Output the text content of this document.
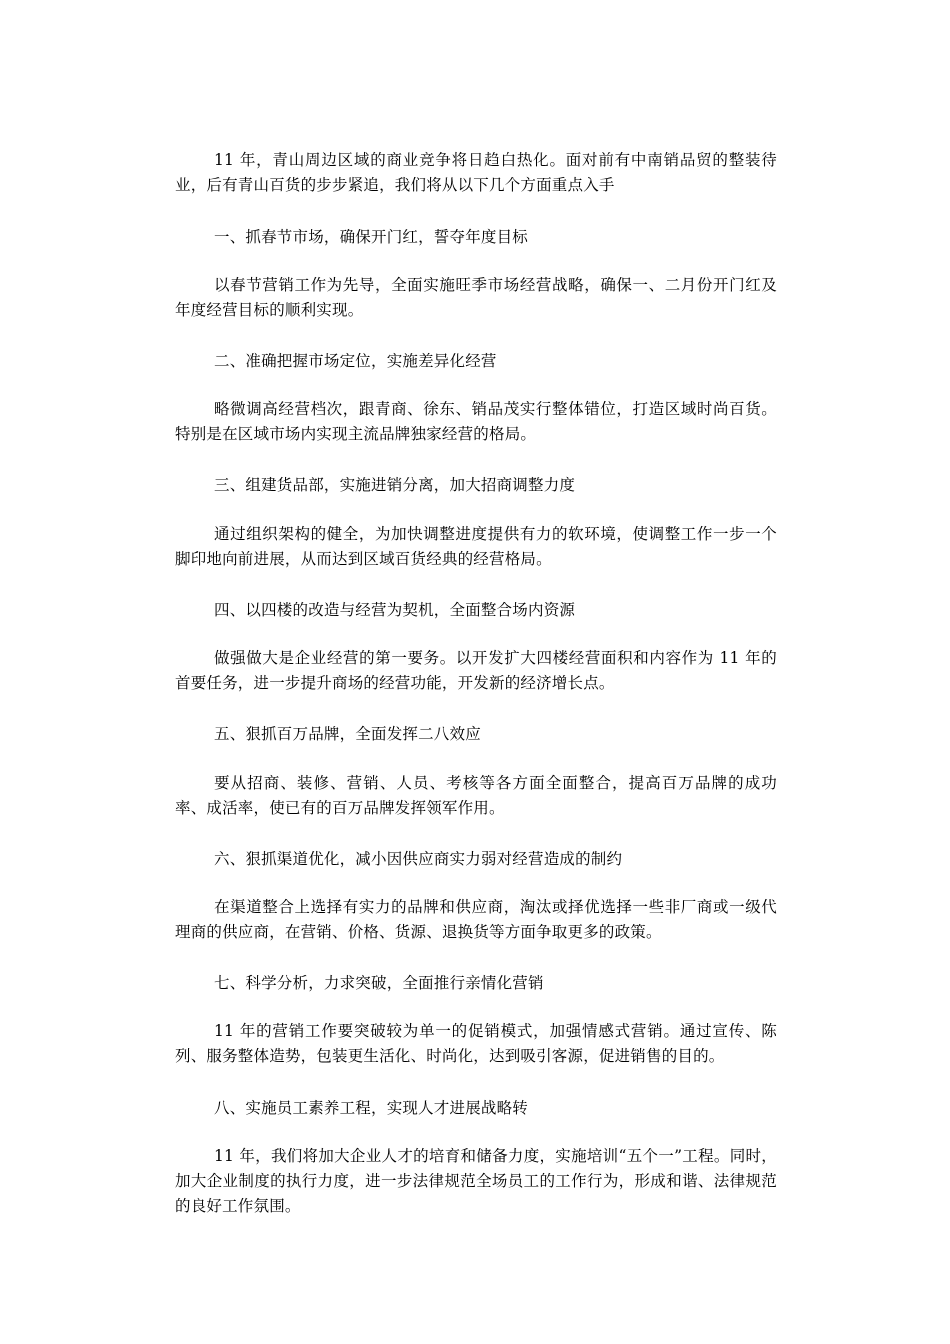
11 年，青山周边区域的商业竞争将日趋白热化。面对前有中南销品贸的整装待业，后有青山百货的步步紧追，我们将从以下几个方面重点入手

一、抓春节市场，确保开门红，誓夺年度目标

以春节营销工作为先导，全面实施旺季市场经营战略，确保一、二月份开门红及年度经营目标的顺利实现。

二、准确把握市场定位，实施差异化经营

略微调高经营档次，跟青商、徐东、销品茂实行整体错位，打造区域时尚百货。特别是在区域市场内实现主流品牌独家经营的格局。

三、组建货品部，实施进销分离，加大招商调整力度

通过组织架构的健全，为加快调整进度提供有力的软环境，使调整工作一步一个脚印地向前进展，从而达到区域百货经典的经营格局。

四、以四楼的改造与经营为契机，全面整合场内资源

做强做大是企业经营的第一要务。以开发扩大四楼经营面积和内容作为 11 年的首要任务，进一步提升商场的经营功能，开发新的经济增长点。

五、狠抓百万品牌，全面发挥二八效应

要从招商、装修、营销、人员、考核等各方面全面整合，提高百万品牌的成功率、成活率，使已有的百万品牌发挥领军作用。

六、狠抓渠道优化，减小因供应商实力弱对经营造成的制约

在渠道整合上选择有实力的品牌和供应商，淘汰或择优选择一些非厂商或一级代理商的供应商，在营销、价格、货源、退换货等方面争取更多的政策。

七、科学分析，力求突破，全面推行亲情化营销

11 年的营销工作要突破较为单一的促销模式，加强情感式营销。通过宣传、陈列、服务整体造势，包装更生活化、时尚化，达到吸引客源，促进销售的目的。

八、实施员工素养工程，实现人才进展战略转

11 年，我们将加大企业人才的培育和储备力度，实施培训“五个一”工程。同时，加大企业制度的执行力度，进一步法律规范全场员工的工作行为，形成和谐、法律规范的良好工作氛围。
